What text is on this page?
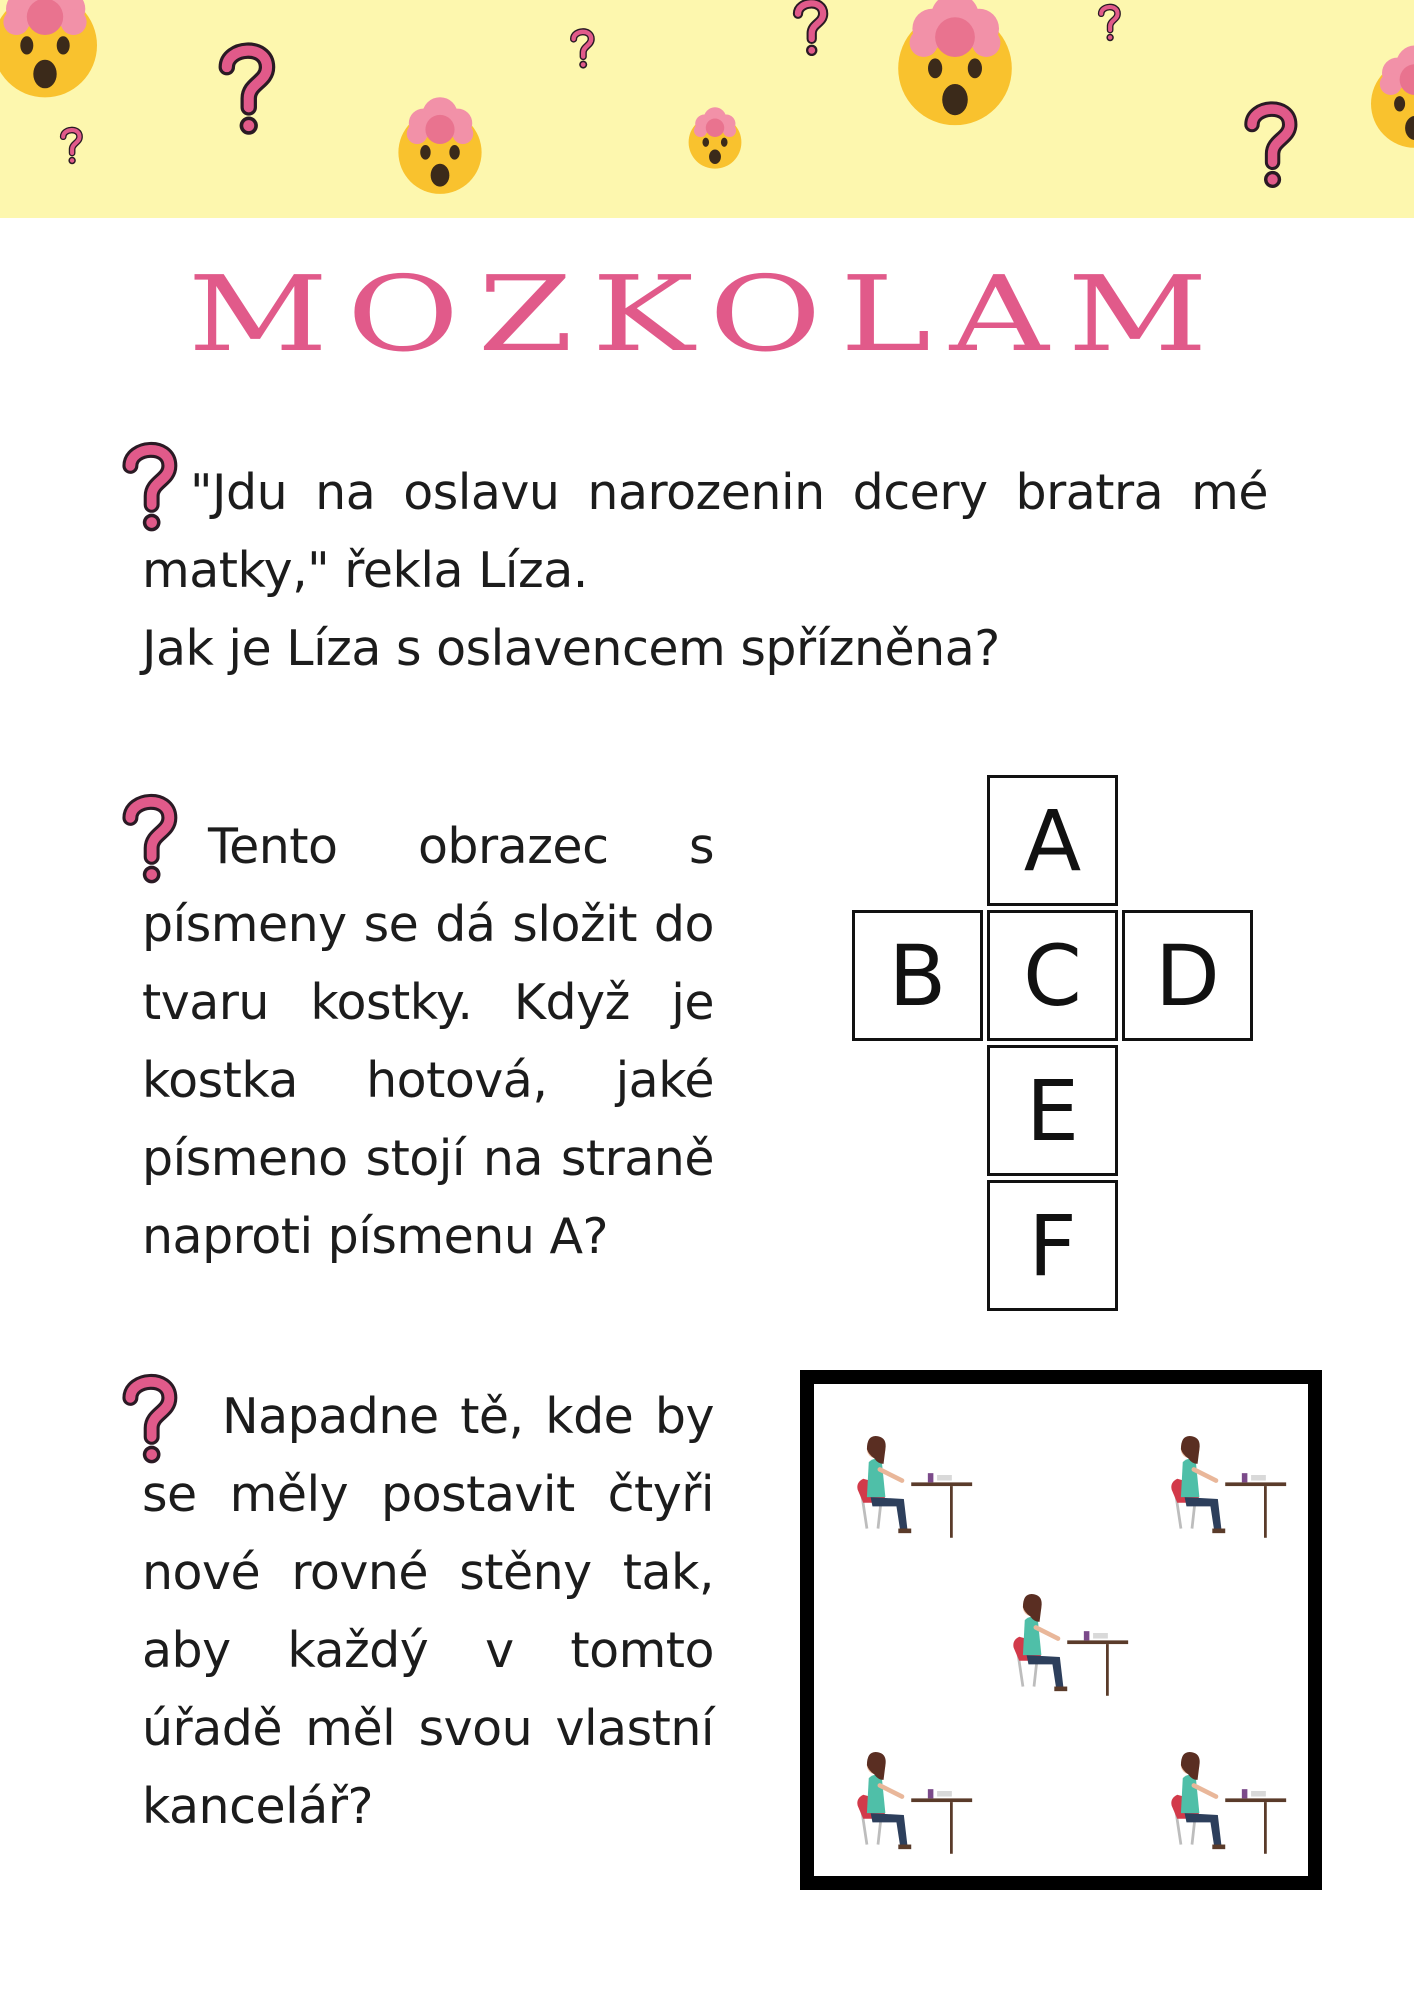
MOZKOLAM

"Jdu na oslavu narozenin dcery bratra mé matky," řekla Líza.
Jak je Líza s oslavencem spřízněna?

Tento obrazec s písmeny se dá složit do tvaru kostky. Když je kostka hotová, jaké písmeno stojí na straně naproti písmenu A?

A
B C D
E
F

Napadne tě, kde by se měly postavit čtyři nové rovné stěny tak, aby každý v tomto úřadě měl svou vlastní kancelář?
